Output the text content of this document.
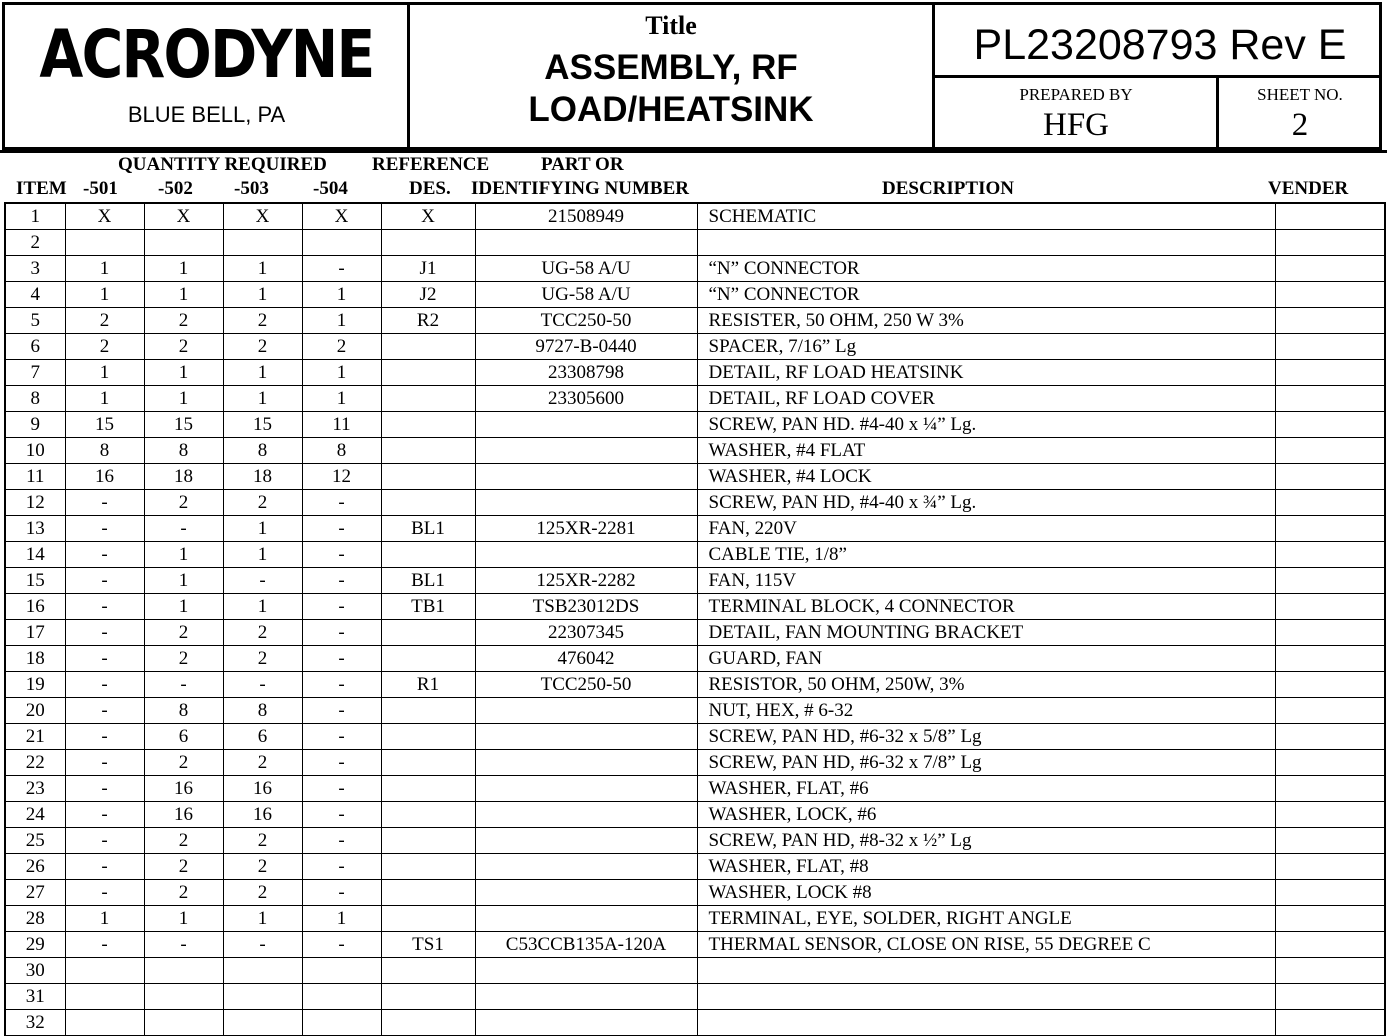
ACRODYNE
BLUE BELL, PA
Title
ASSEMBLY, RF
LOAD/HEATSINK
PL23208793 Rev E
PREPARED BY
HFG
SHEET NO.
2
QUANTITY REQUIRED REFERENCE	PART OR
ITEM -501 -502 -503 -504	DES. IDENTIFYING NUMBER	DESCRIPTION	VENDER
1	X	X	X	X	X	21508949	SCHEMATIC	
2								
3	1	1	1	-	J1	UG-58 A/U	“N” CONNECTOR	
4	1	1	1	1	J2	UG-58 A/U	“N” CONNECTOR	
5	2	2	2	1	R2	TCC250-50	RESISTER, 50 OHM, 250 W 3%	
6	2	2	2	2		9727-B-0440	SPACER, 7/16” Lg	
7	1	1	1	1		23308798	DETAIL, RF LOAD HEATSINK	
8	1	1	1	1		23305600	DETAIL, RF LOAD COVER	
9	15	15	15	11			SCREW, PAN HD. #4-40 x ¼” Lg.	
10	8	8	8	8			WASHER, #4 FLAT	
11	16	18	18	12			WASHER, #4 LOCK	
12	-	2	2	-			SCREW, PAN HD, #4-40 x ¾” Lg.	
13	-	-	1	-	BL1	125XR-2281	FAN, 220V	
14	-	1	1	-			CABLE TIE, 1/8”	
15	-	1	-	-	BL1	125XR-2282	FAN, 115V	
16	-	1	1	-	TB1	TSB23012DS	TERMINAL BLOCK, 4 CONNECTOR	
17	-	2	2	-		22307345	DETAIL, FAN MOUNTING BRACKET	
18	-	2	2	-		476042	GUARD, FAN	
19	-	-	-	-	R1	TCC250-50	RESISTOR, 50 OHM, 250W, 3%	
20	-	8	8	-			NUT, HEX, # 6-32	
21	-	6	6	-			SCREW, PAN HD, #6-32 x 5/8” Lg	
22	-	2	2	-			SCREW, PAN HD, #6-32 x 7/8” Lg	
23	-	16	16	-			WASHER, FLAT, #6	
24	-	16	16	-			WASHER, LOCK, #6	
25	-	2	2	-			SCREW, PAN HD, #8-32 x ½” Lg	
26	-	2	2	-			WASHER, FLAT, #8	
27	-	2	2	-			WASHER, LOCK #8	
28	1	1	1	1			TERMINAL, EYE, SOLDER, RIGHT ANGLE	
29	-	-	-	-	TS1	C53CCB135A-120A	THERMAL SENSOR, CLOSE ON RISE, 55 DEGREE C	
30								
31								
32								
